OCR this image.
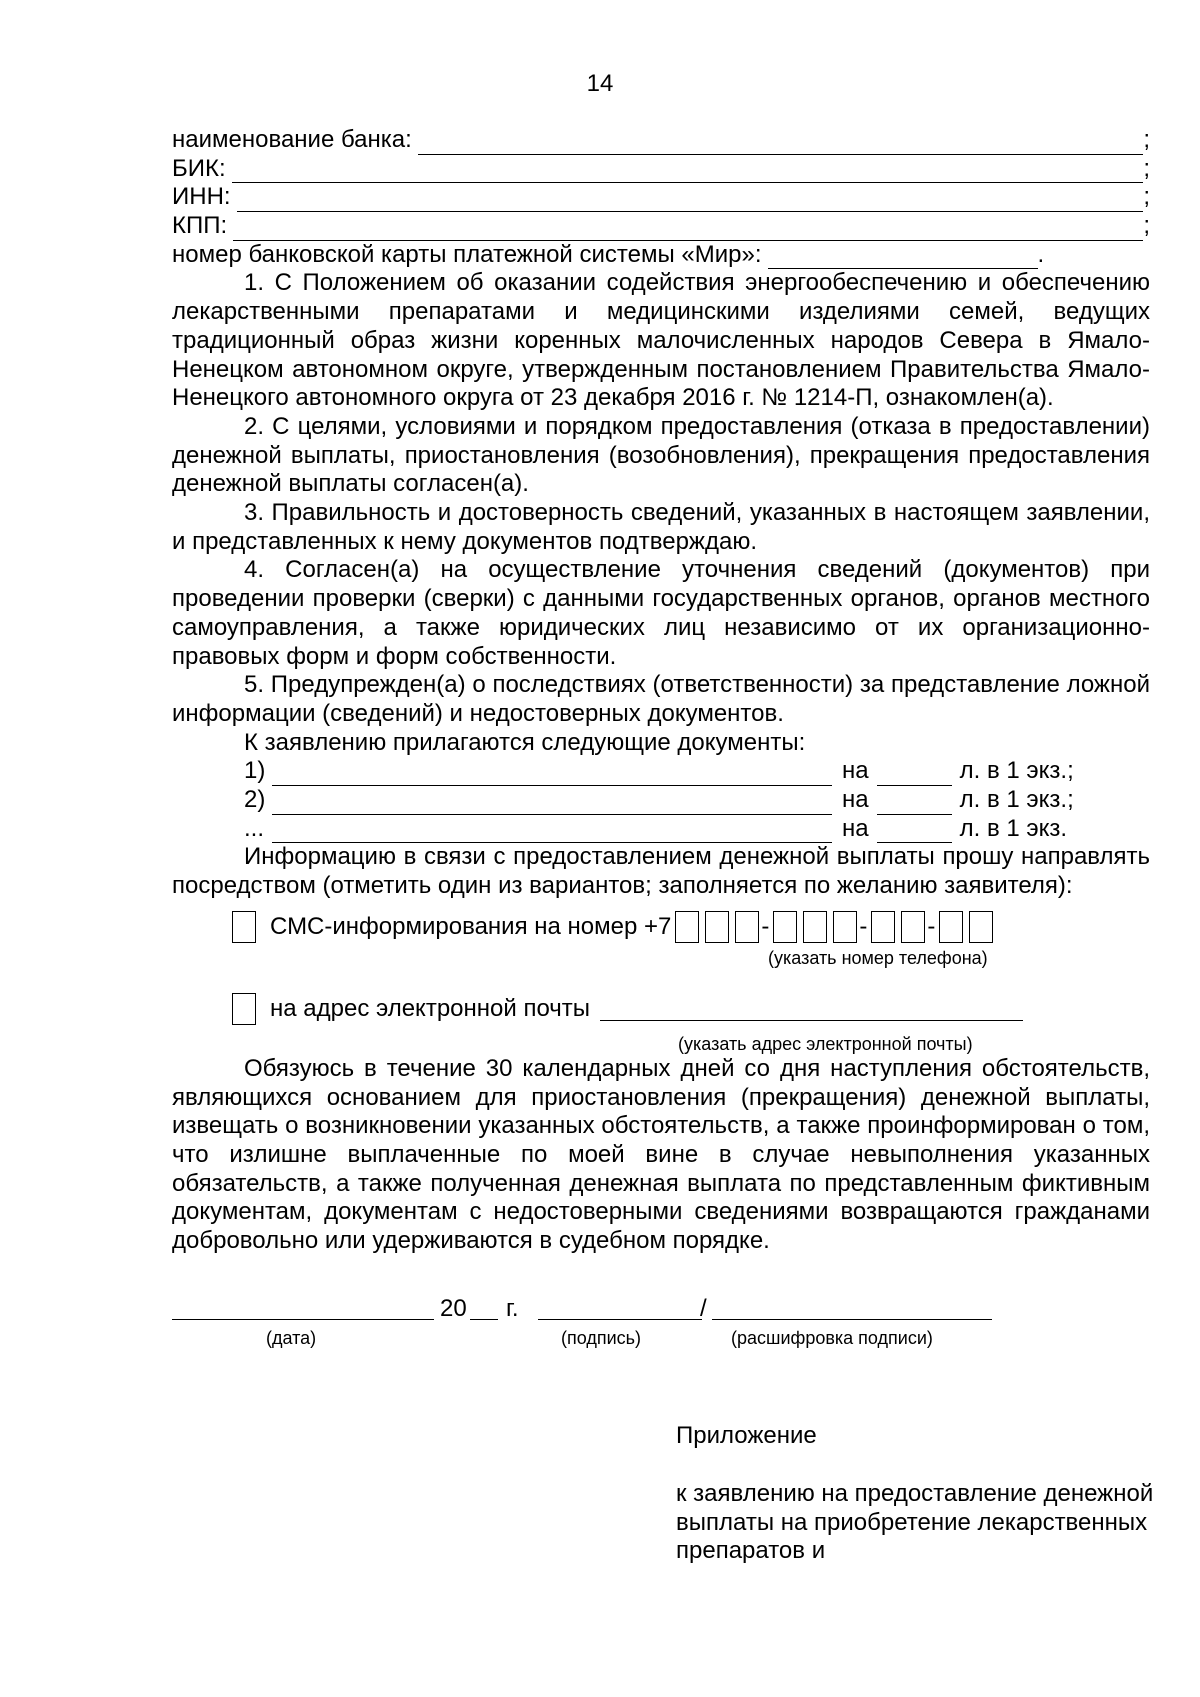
14
наименование банка:	;
БИК:	;
ИНН:	;
КПП:	;
номер банковской карты платежной системы «Мир»:	.

1. С Положением об оказании содействия энергообеспечению и обеспечению лекарственными препаратами и медицинскими изделиями семей, ведущих традиционный образ жизни коренных малочисленных народов Севера в Ямало-Ненецком автономном округе, утвержденным постановлением Правительства Ямало-Ненецкого автономного округа от 23 декабря 2016 г. № 1214-П, ознакомлен(а).

2. С целями, условиями и порядком предоставления (отказа в предоставлении) денежной выплаты, приостановления (возобновления), прекращения предоставления денежной выплаты согласен(а).

3. Правильность и достоверность сведений, указанных в настоящем заявлении, и представленных к нему документов подтверждаю.

4. Согласен(а) на осуществление уточнения сведений (документов) при проведении проверки (сверки) с данными государственных органов, органов местного самоуправления, а также юридических лиц независимо от их организационно-правовых форм и форм собственности.

5. Предупрежден(а) о последствиях (ответственности) за представление ложной информации (сведений) и недостоверных документов.

К заявлению прилагаются следующие документы:
1)	на	л. в 1 экз.;
2)	на	л. в 1 экз.;
...	на	л. в 1 экз.

Информацию в связи с предоставлением денежной выплаты прошу направлять посредством (отметить один из вариантов; заполняется по желанию заявителя):

СМС-информирования на номер +7	-	-	-
(указать номер телефона)
на адрес электронной почты
(указать адрес электронной почты)

Обязуюсь в течение 30 календарных дней со дня наступления обстоятельств, являющихся основанием для приостановления (прекращения) денежной выплаты, извещать о возникновении указанных обстоятельств, а также проинформирован о том, что излишне выплаченные по моей вине в случае невыполнения указанных обязательств, а также полученная денежная выплата по представленным фиктивным документам, документам с недостоверными сведениями возвращаются гражданами добровольно или удерживаются в судебном порядке.

20 г.	/
(дата)	(подпись)	(расшифровка подписи)
Приложение
к заявлению на предоставление денежной выплаты на приобретение лекарственных препаратов и
